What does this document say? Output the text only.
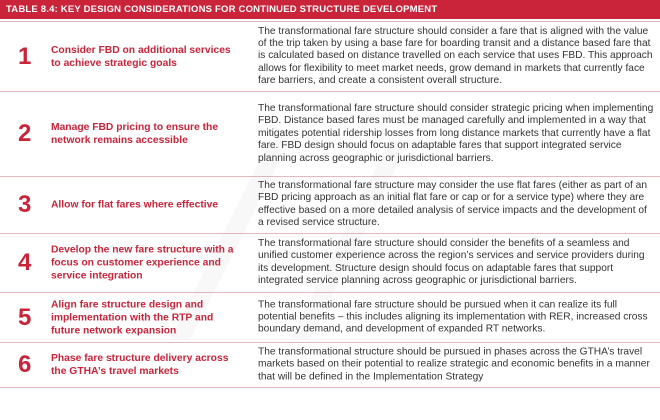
TABLE 8.4: KEY DESIGN CONSIDERATIONS FOR CONTINUED STRUCTURE DEVELOPMENT
1 Consider FBD on additional services to achieve strategic goals
The transformational fare structure should consider a fare that is aligned with the value of the trip taken by using a base fare for boarding transit and a distance based fare that is calculated based on distance travelled on each service that uses FBD. This approach allows for flexibility to meet market needs, grow demand in markets that currently face fare barriers, and create a consistent overall structure.
2 Manage FBD pricing to ensure the network remains accessible
The transformational fare structure should consider strategic pricing when implementing FBD. Distance based fares must be managed carefully and implemented in a way that mitigates potential ridership losses from long distance markets that currently have a flat fare. FBD design should focus on adaptable fares that support integrated service planning across geographic or jurisdictional barriers.
3 Allow for flat fares where effective
The transformational fare structure may consider the use flat fares (either as part of an FBD pricing approach as an initial flat fare or cap or for a service type) where they are effective based on a more detailed analysis of service impacts and the development of a revised service structure.
4 Develop the new fare structure with a focus on customer experience and service integration
The transformational fare structure should consider the benefits of a seamless and unified customer experience across the region’s services and service providers during its development. Structure design should focus on adaptable fares that support integrated service planning across geographic or jurisdictional barriers.
5 Align fare structure design and implementation with the RTP and future network expansion
The transformational fare structure should be pursued when it can realize its full potential benefits – this includes aligning its implementation with RER, increased cross boundary demand, and development of expanded RT networks.
6 Phase fare structure delivery across the GTHA’s travel markets
The transformational structure should be pursued in phases across the GTHA’s travel markets based on their potential to realize strategic and economic benefits in a manner that will be defined in the Implementation Strategy
